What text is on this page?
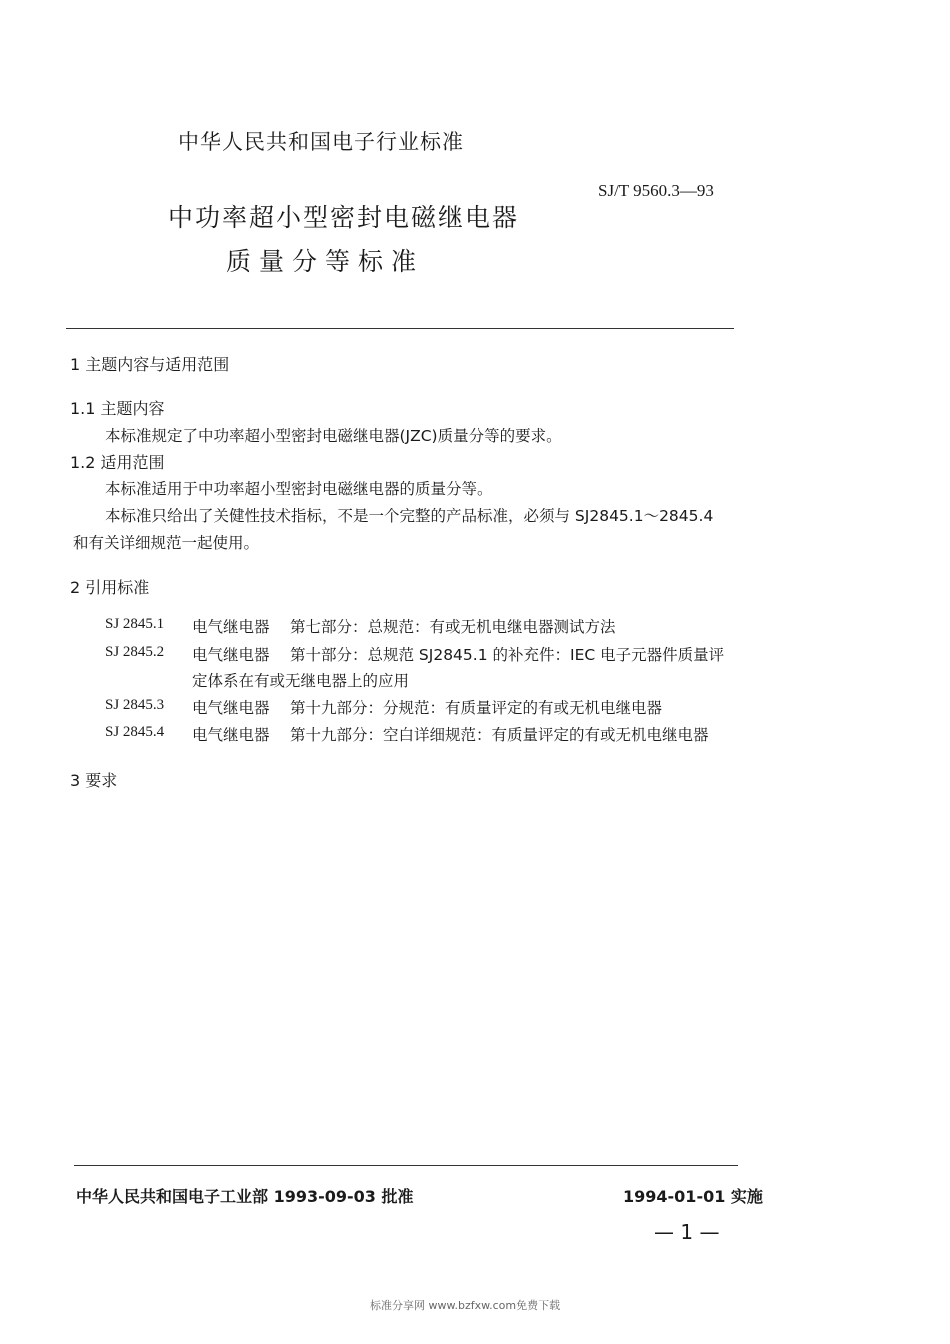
中华人民共和国电子行业标准
SJ/T 9560.3—93
中功率超小型密封电磁继电器
质量分等标准
1 主题内容与适用范围
1.1 主题内容
本标准规定了中功率超小型密封电磁继电器(JZC)质量分等的要求。
1.2 适用范围
本标准适用于中功率超小型密封电磁继电器的质量分等。
本标准只给出了关健性技术指标，不是一个完整的产品标准，必须与 SJ2845.1～2845.4
和有关详细规范一起使用。
2 引用标准
SJ 2845.1 电气继电器 第七部分：总规范：有或无机电继电器测试方法
SJ 2845.2 电气继电器 第十部分：总规范 SJ2845.1 的补充件：IEC 电子元器件质量评
定体系在有或无继电器上的应用
SJ 2845.3 电气继电器 第十九部分：分规范：有质量评定的有或无机电继电器
SJ 2845.4 电气继电器 第十九部分：空白详细规范：有质量评定的有或无机电继电器
3 要求
中华人民共和国电子工业部 1993-09-03 批准	1994-01-01 实施
— 1 —
标准分享网 www.bzfxw.com免费下载
